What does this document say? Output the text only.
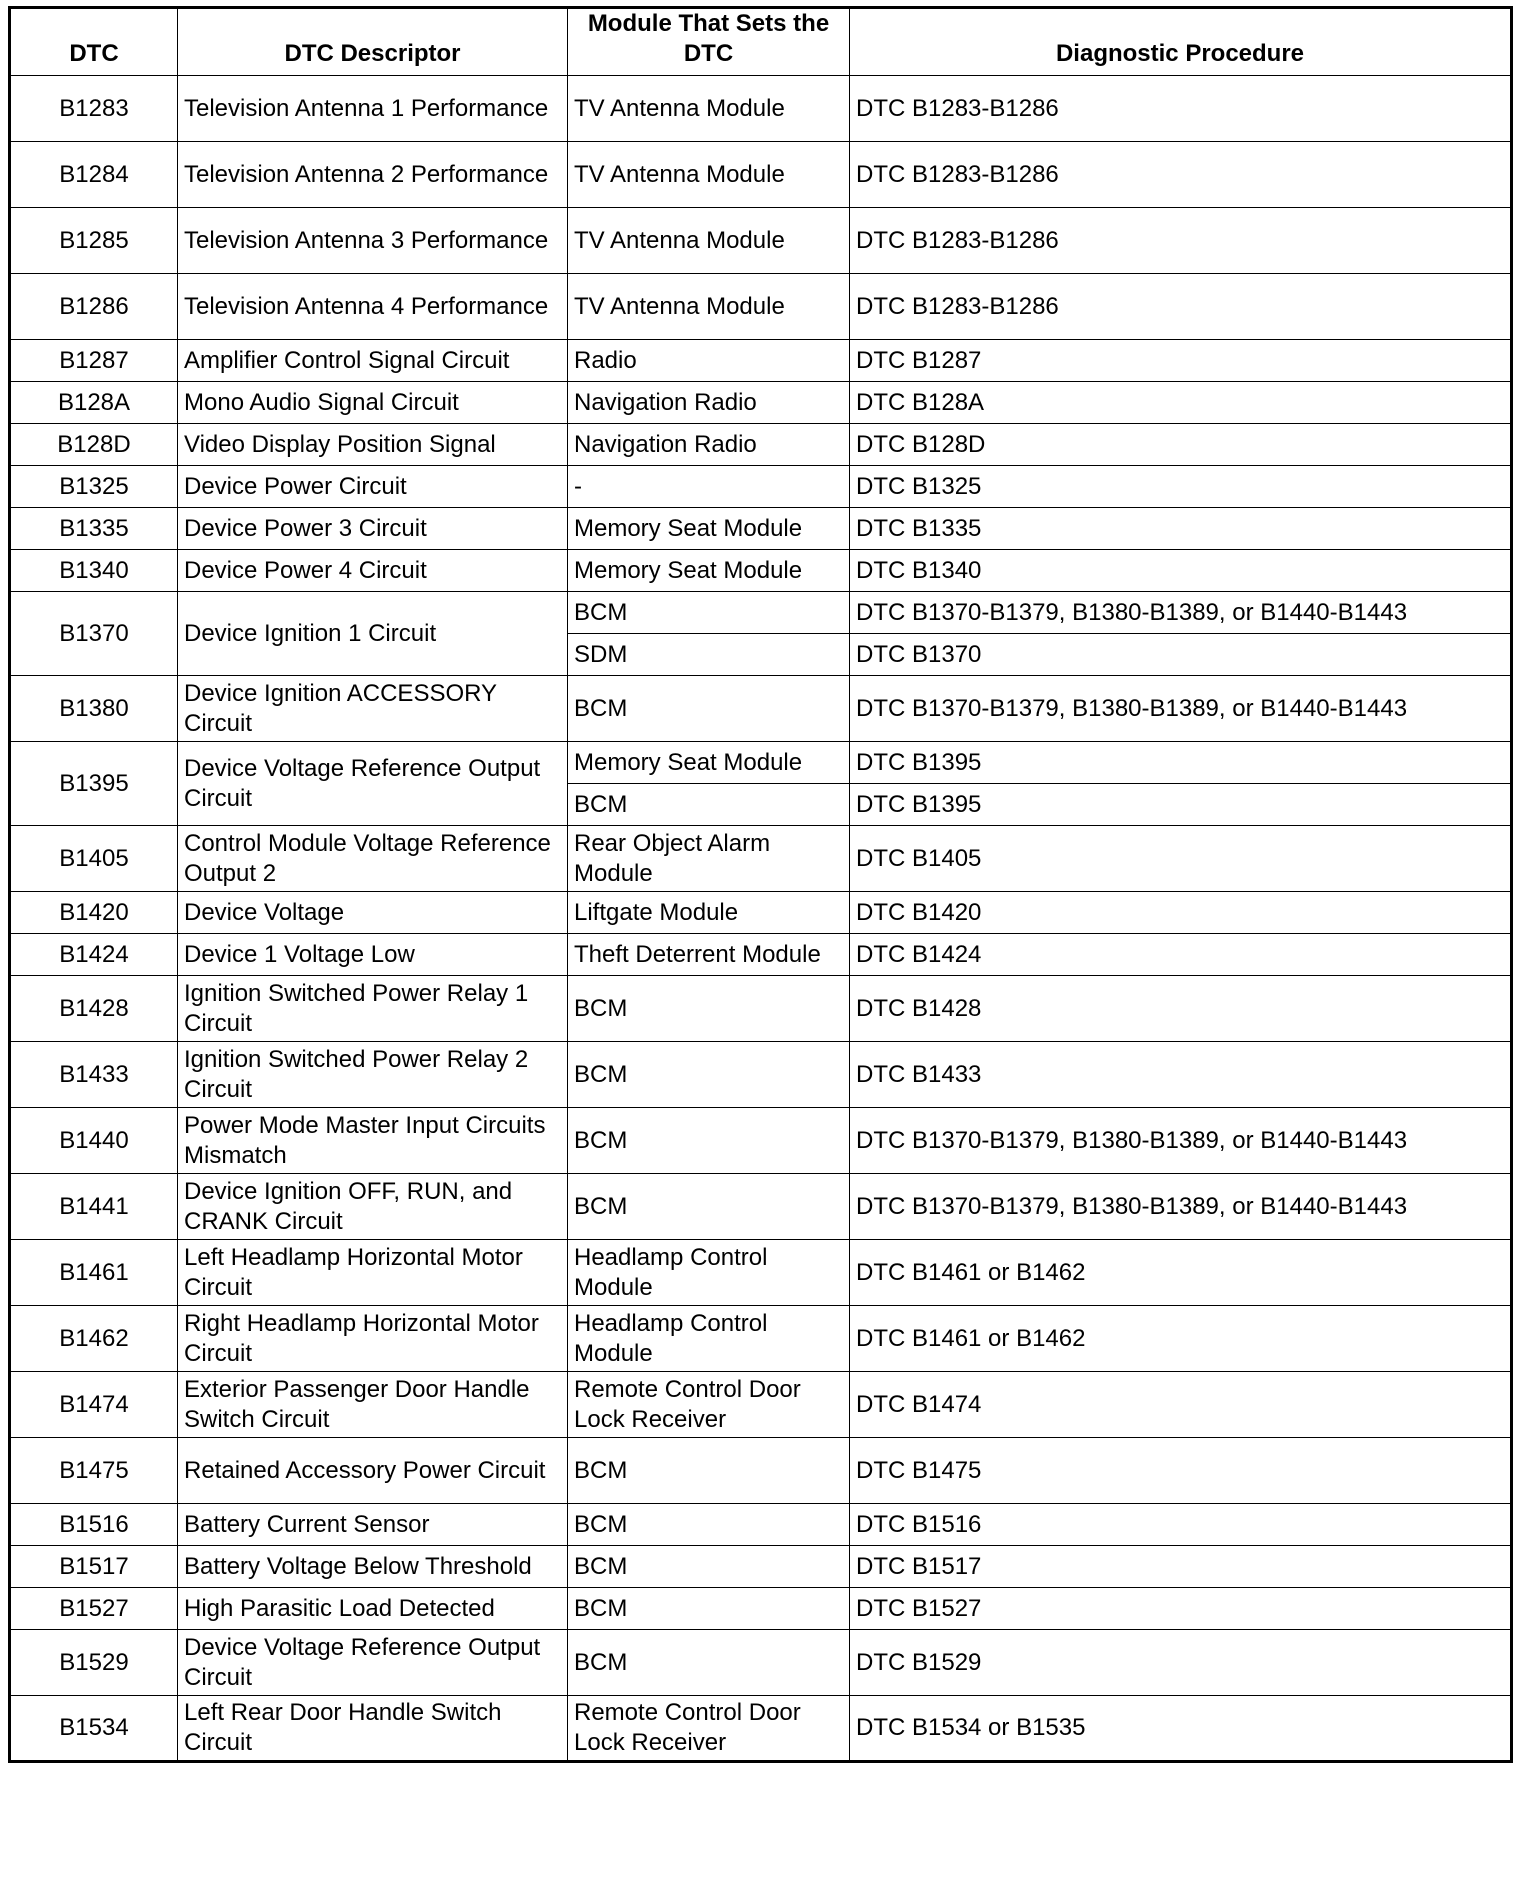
DTC	DTC Descriptor	Module That Sets the DTC	Diagnostic Procedure
B1283	Television Antenna 1 Performance	TV Antenna Module	DTC B1283-B1286
B1284	Television Antenna 2 Performance	TV Antenna Module	DTC B1283-B1286
B1285	Television Antenna 3 Performance	TV Antenna Module	DTC B1283-B1286
B1286	Television Antenna 4 Performance	TV Antenna Module	DTC B1283-B1286
B1287	Amplifier Control Signal Circuit	Radio	DTC B1287
B128A	Mono Audio Signal Circuit	Navigation Radio	DTC B128A
B128D	Video Display Position Signal	Navigation Radio	DTC B128D
B1325	Device Power Circuit	-	DTC B1325
B1335	Device Power 3 Circuit	Memory Seat Module	DTC B1335
B1340	Device Power 4 Circuit	Memory Seat Module	DTC B1340
B1370	Device Ignition 1 Circuit	BCM	DTC B1370-B1379, B1380-B1389, or B1440-B1443
		SDM	DTC B1370
B1380	Device Ignition ACCESSORY Circuit	BCM	DTC B1370-B1379, B1380-B1389, or B1440-B1443
B1395	Device Voltage Reference Output Circuit	Memory Seat Module	DTC B1395
		BCM	DTC B1395
B1405	Control Module Voltage Reference Output 2	Rear Object Alarm Module	DTC B1405
B1420	Device Voltage	Liftgate Module	DTC B1420
B1424	Device 1 Voltage Low	Theft Deterrent Module	DTC B1424
B1428	Ignition Switched Power Relay 1 Circuit	BCM	DTC B1428
B1433	Ignition Switched Power Relay 2 Circuit	BCM	DTC B1433
B1440	Power Mode Master Input Circuits Mismatch	BCM	DTC B1370-B1379, B1380-B1389, or B1440-B1443
B1441	Device Ignition OFF, RUN, and CRANK Circuit	BCM	DTC B1370-B1379, B1380-B1389, or B1440-B1443
B1461	Left Headlamp Horizontal Motor Circuit	Headlamp Control Module	DTC B1461 or B1462
B1462	Right Headlamp Horizontal Motor Circuit	Headlamp Control Module	DTC B1461 or B1462
B1474	Exterior Passenger Door Handle Switch Circuit	Remote Control Door Lock Receiver	DTC B1474
B1475	Retained Accessory Power Circuit	BCM	DTC B1475
B1516	Battery Current Sensor	BCM	DTC B1516
B1517	Battery Voltage Below Threshold	BCM	DTC B1517
B1527	High Parasitic Load Detected	BCM	DTC B1527
B1529	Device Voltage Reference Output Circuit	BCM	DTC B1529
B1534	Left Rear Door Handle Switch Circuit	Remote Control Door Lock Receiver	DTC B1534 or B1535
